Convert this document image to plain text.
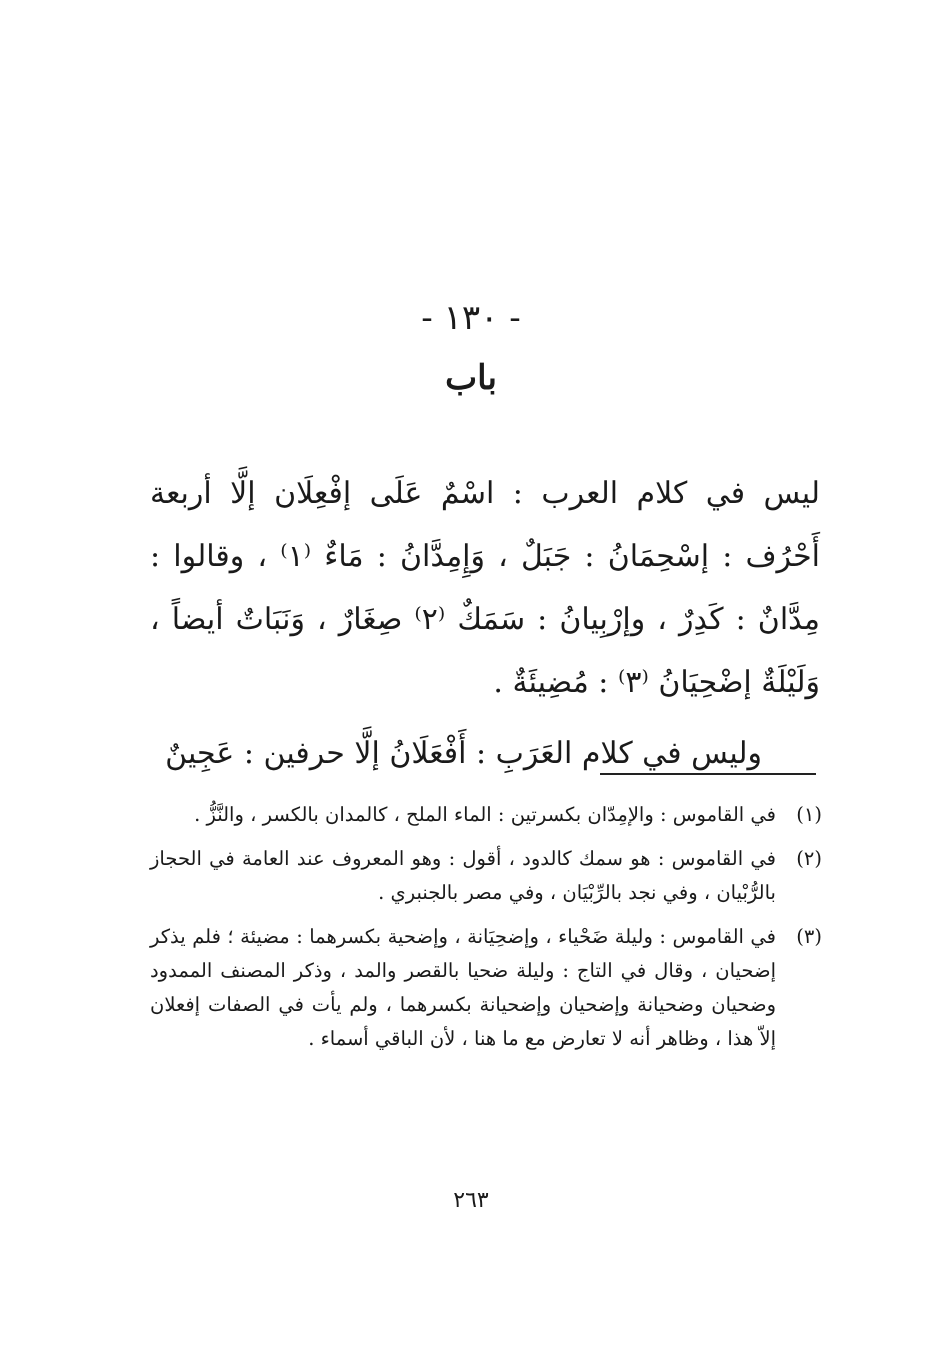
- ١٣٠ -
باب

ليس في كلام العرب : اسْمٌ عَلَى إفْعِلَان إلَّا أربعة أَحْرُف : إسْحِمَانُ : جَبَلٌ ، وَإِمِدَّانُ : مَاءٌ ⁽١⁾ ، وقالوا : مِدَّانٌ : كَدِرٌ ، وإرْبِيانُ : سَمَكٌ ⁽٢⁾ صِغَارٌ ، وَنَبَاتٌ أيضاً ، وَلَيْلَةٌ إضْحِيَانُ ⁽٣⁾ : مُضِيئَةٌ .

وليس في كلام العَرَبِ : أَفْعَلَانُ إلَّا حرفين : عَجِينٌ

(١)
في القاموس : والإمِدّان بكسرتين : الماء الملح ، كالمدان بالكسر ، والنَّزُّ .
(٢)
في القاموس : هو سمك كالدود ، أقول : وهو المعروف عند العامة في الحجاز بالرُّبْيان ، وفي نجد بالرِّبْيَان ، وفي مصر بالجنبري .
(٣)
في القاموس : وليلة ضَحْياء ، وإضحِيَانة ، وإضحية بكسرهما : مضيئة ؛ فلم يذكر إضحيان ، وقال في التاج : وليلة ضحيا بالقصر والمد ، وذكر المصنف الممدود وضحيان وضحيانة وإضحيان وإضحيانة بكسرهما ، ولم يأت في الصفات إفعلان إلاّ هذا ، وظاهر أنه لا تعارض مع ما هنا ، لأن الباقي أسماء .
٢٦٣
